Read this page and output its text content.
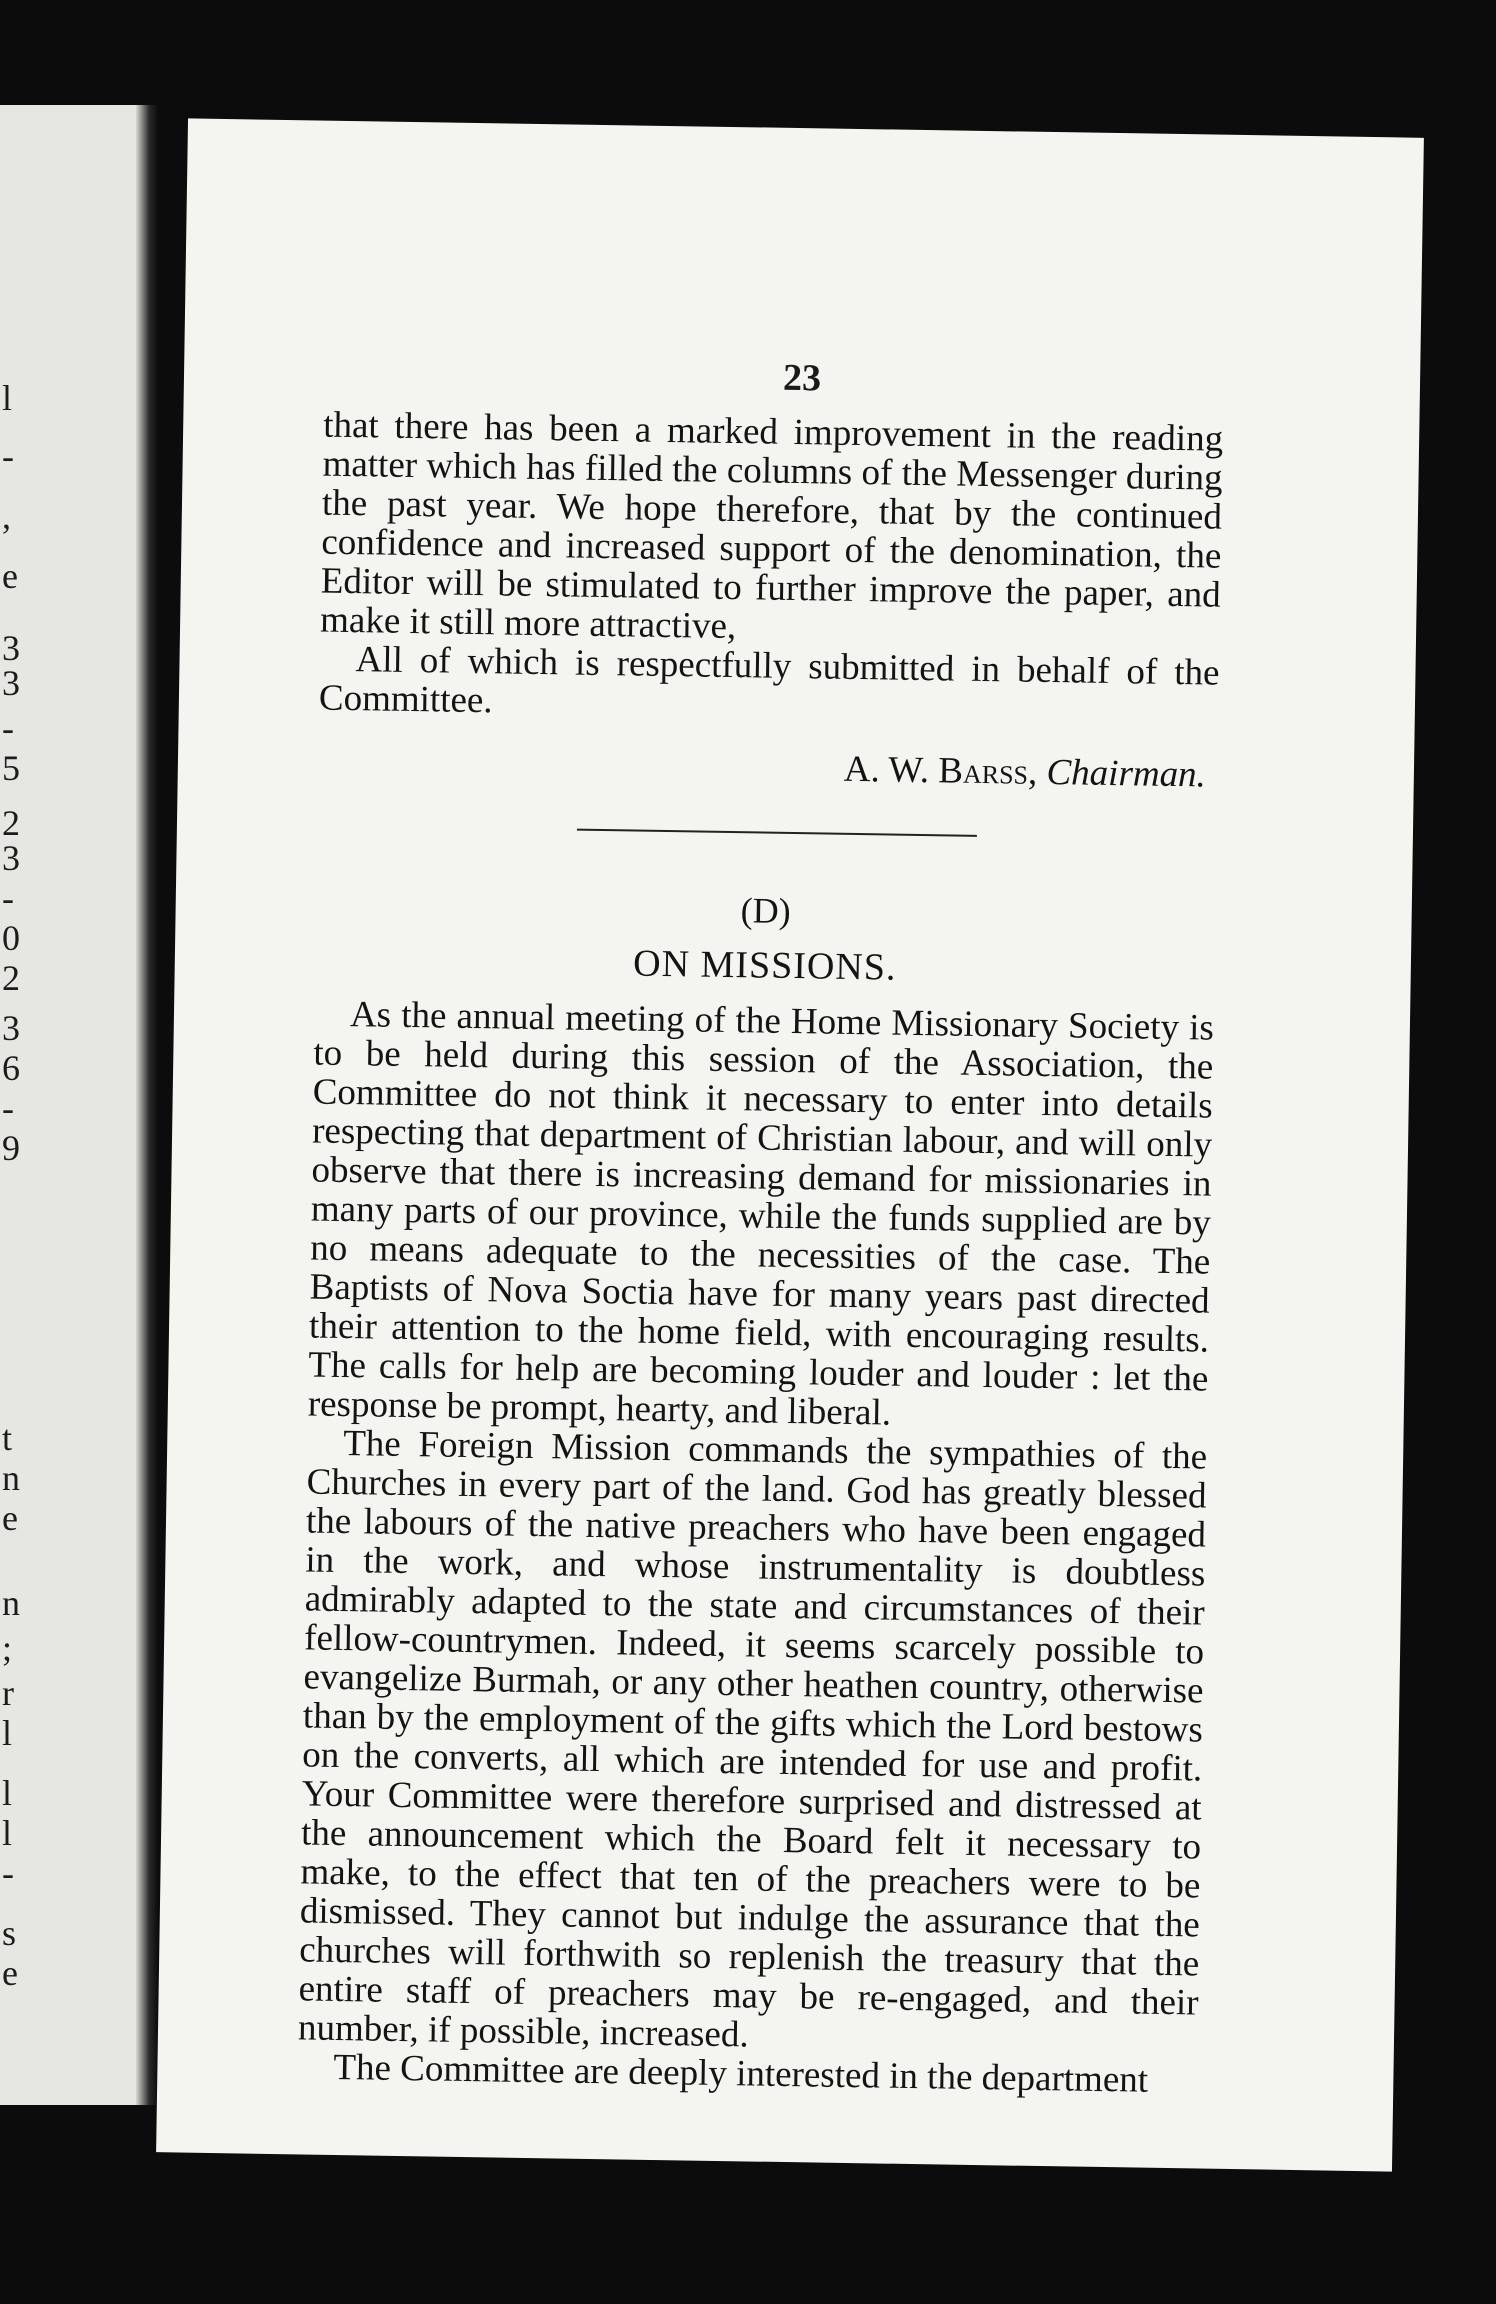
l
-
,
e
3
3
-
5
2
3
-
0
2
3
6
-
9
t
n
e
n
;
r
l
l
l
-
s
e
23

that there has been a marked improvement in the reading matter which has filled the columns of the Messenger during the past year. We hope therefore, that by the continued confidence and increased support of the denomination, the Editor will be stimulated to further improve the paper, and make it still more attractive,

All of which is respectfully submitted in behalf of the Committee.

A. W. Barss, Chairman.
(D)
ON MISSIONS.

As the annual meeting of the Home Missionary Society is to be held during this session of the Association, the Committee do not think it necessary to enter into details respecting that department of Christian labour, and will only observe that there is increasing demand for missionaries in many parts of our province, while the funds supplied are by no means adequate to the necessities of the case. The Baptists of Nova Soctia have for many years past directed their attention to the home field, with encouraging results. The calls for help are becoming louder and louder : let the response be prompt, hearty, and liberal.

The Foreign Mission commands the sympathies of the Churches in every part of the land. God has greatly blessed the labours of the native preachers who have been engaged in the work, and whose instrumentality is doubtless admirably adapted to the state and circumstances of their fellow-countrymen. Indeed, it seems scarcely possible to evangelize Burmah, or any other heathen country, otherwise than by the employment of the gifts which the Lord bestows on the converts, all which are intended for use and profit. Your Committee were therefore surprised and distressed at the announcement which the Board felt it necessary to make, to the effect that ten of the preachers were to be dismissed. They cannot but indulge the assurance that the churches will forthwith so replenish the treasury that the entire staff of preachers may be re-engaged, and their number, if possible, increased.

The Committee are deeply interested in the department
